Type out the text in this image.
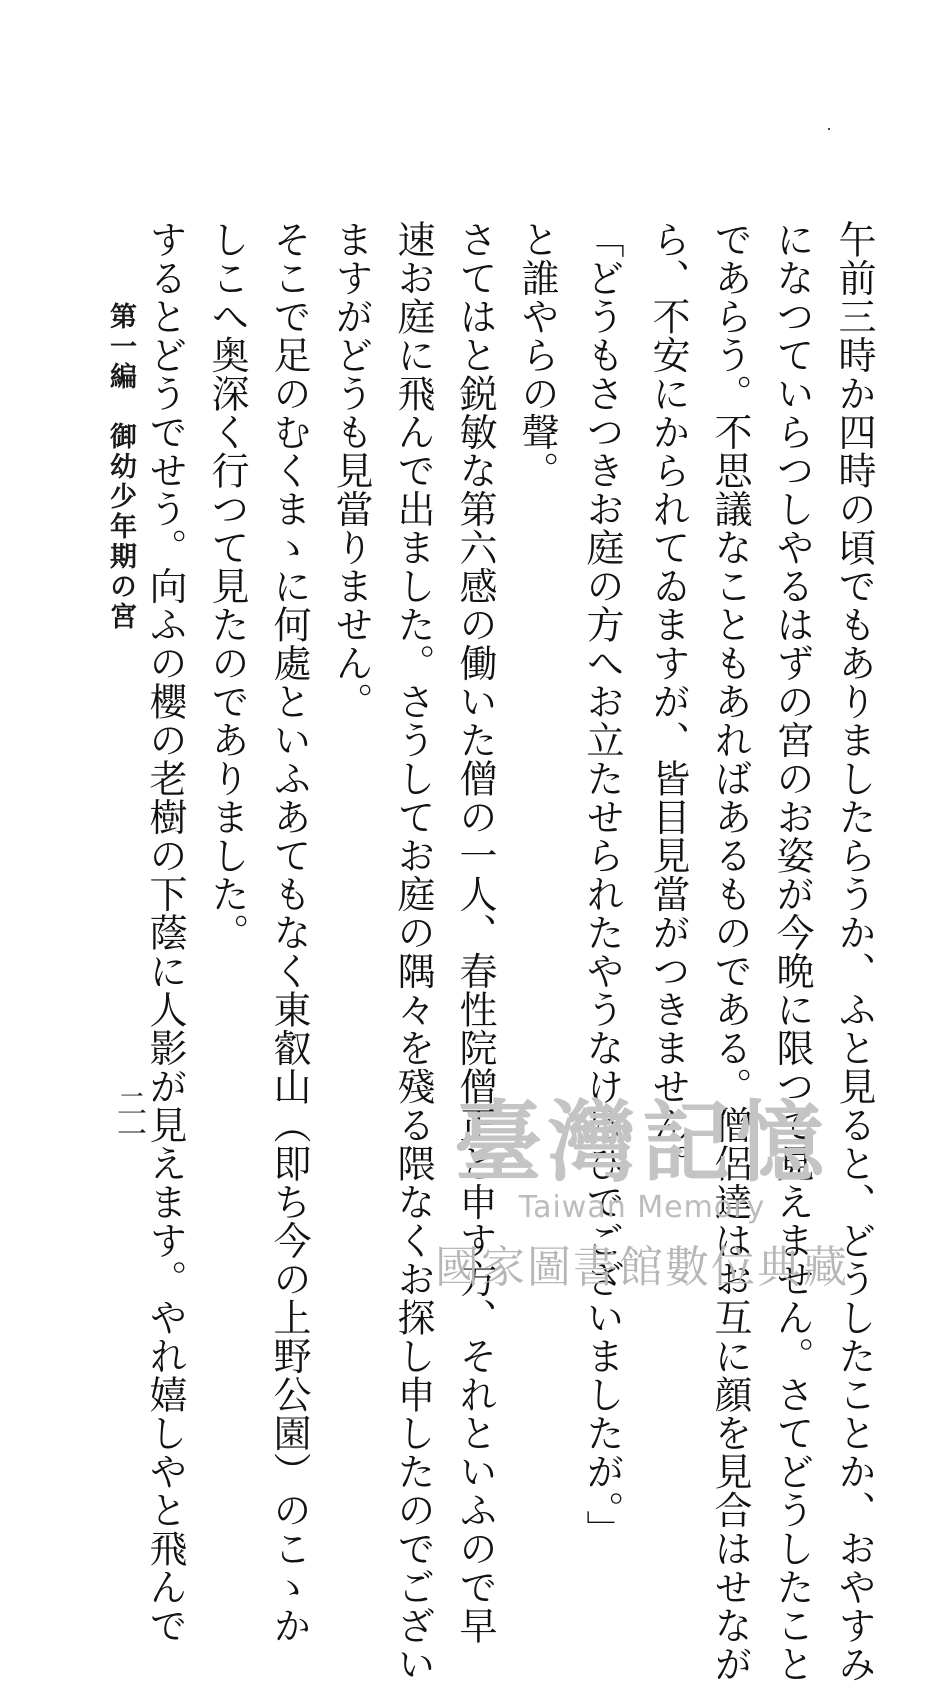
午前三時か四時の頃でもありましたらうか、ふと見ると、どうしたことか、おやすみ
になつていらつしやるはずの宮のお姿が今晩に限つて見えません。さてどうしたこと
であらう。不思議なこともあればあるものである。僧侶達はお互に顔を見合はせなが
ら、不安にかられてゐますが、皆目見當がつきません。
「どうもさつきお庭の方へお立たせられたやうなけはひでございましたが。」
と誰やらの聲。
さてはと鋭敏な第六感の働いた僧の一人、春性院僧正と申す方、それといふので早
速お庭に飛んで出ました。さうしてお庭の隅々を殘る隈なくお探し申したのでござい
ますがどうも見當りません。
そこで足のむくまゝに何處といふあてもなく東叡山（即ち今の上野公園）のこゝか
しこへ奥深く行つて見たのでありました。
するとどうでせう。向ふの櫻の老樹の下蔭に人影が見えます。やれ嬉しやと飛んで
第一編　御幼少年期の宮
二一	臺灣記憶
Taiwan Memory
國家圖書館數位典藏
